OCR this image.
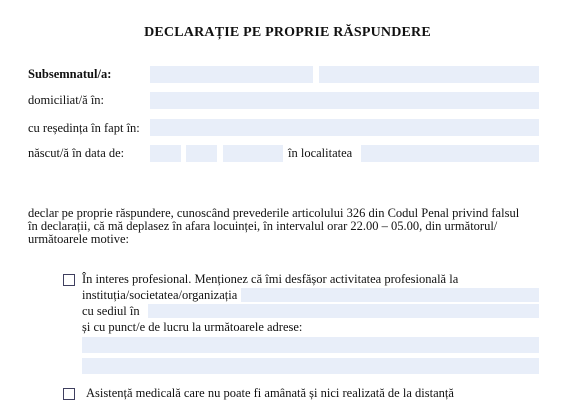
DECLARAȚIE PE PROPRIE RĂSPUNDERE
Subsemnatul/a:
domiciliat/ă în:
cu reședința în fapt în:
născut/ă în data de:	în localitatea
declar pe proprie răspundere, cunoscând prevederile articolului 326 din Codul Penal privind falsul
în declarații, că mă deplasez în afara locuinței, în intervalul orar 22.00 – 05.00, din următorul/
următoarele motive:
În interes profesional. Menționez că îmi desfășor activitatea profesională la
instituția/societatea/organizația
cu sediul în
și cu punct/e de lucru la următoarele adrese:
Asistență medicală care nu poate fi amânată și nici realizată de la distanță
